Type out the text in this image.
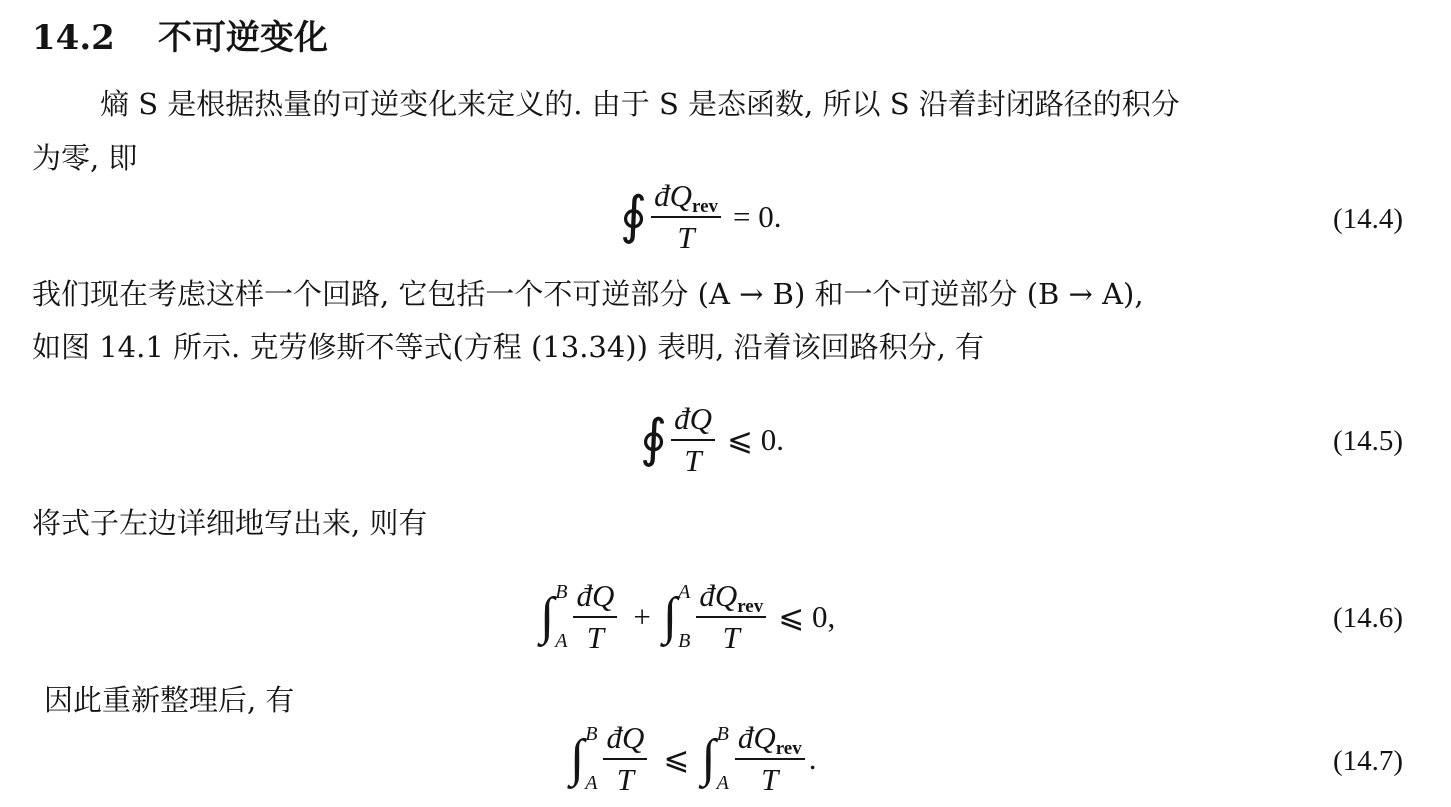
14.2 不可逆变化
熵 S 是根据热量的可逆变化来定义的. 由于 S 是态函数, 所以 S 沿着封闭路径的积分
为零, 即
∮ $\frac{\text{đQrev}}{T} = 0$.	(14.4)
我们现在考虑这样一个回路, 它包括一个不可逆部分 (A → B) 和一个可逆部分 (B → A),
如图 14.1 所示. 克劳修斯不等式(方程 (13.34)) 表明, 沿着该回路积分, 有
∮ $\frac{đQ}{T}$ ⩽ 0.	(14.5)
将式子左边详细地写出来, 则有
∫ B
A $\frac{đQ}{T}$ + ∫ A
B $\frac{\text{đQrev}}{T}$ ⩽ 0,	(14.6)
因此重新整理后, 有
∫ B
A $\frac{đQ}{T}$ ⩽ ∫ B
A $\frac{\text{đQrev}}{T}$ .	(14.7)
